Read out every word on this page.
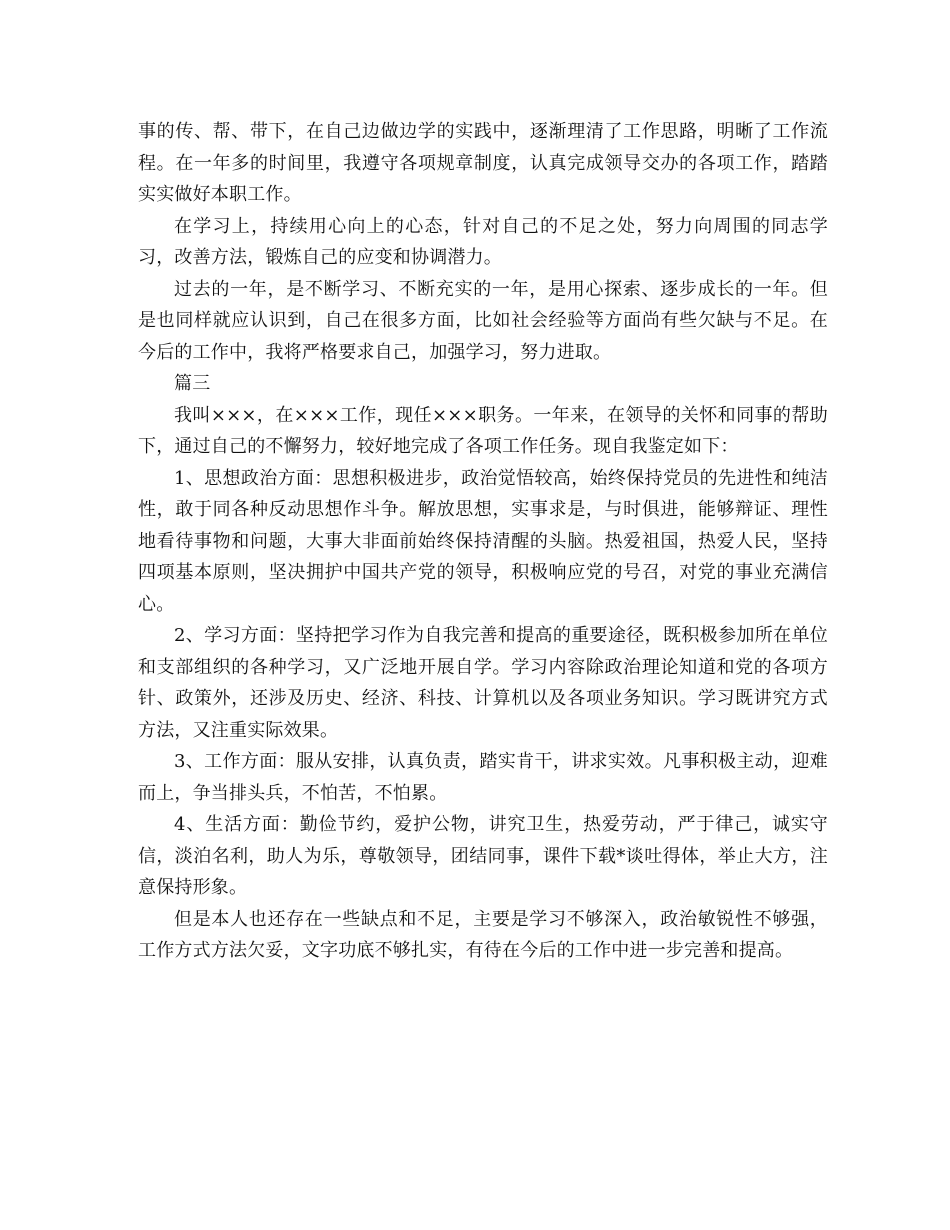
事的传、帮、带下，在自己边做边学的实践中，逐渐理清了工作思路，明晰了工作流程。在一年多的时间里，我遵守各项规章制度，认真完成领导交办的各项工作，踏踏实实做好本职工作。

在学习上，持续用心向上的心态，针对自己的不足之处，努力向周围的同志学习，改善方法，锻炼自己的应变和协调潜力。

过去的一年，是不断学习、不断充实的一年，是用心探索、逐步成长的一年。但是也同样就应认识到，自己在很多方面，比如社会经验等方面尚有些欠缺与不足。在今后的工作中，我将严格要求自己，加强学习，努力进取。

篇三

我叫×××，在×××工作，现任×××职务。一年来，在领导的关怀和同事的帮助下，通过自己的不懈努力，较好地完成了各项工作任务。现自我鉴定如下：

1、思想政治方面：思想积极进步，政治觉悟较高，始终保持党员的先进性和纯洁性，敢于同各种反动思想作斗争。解放思想，实事求是，与时俱进，能够辩证、理性地看待事物和问题，大事大非面前始终保持清醒的头脑。热爱祖国，热爱人民，坚持四项基本原则，坚决拥护中国共产党的领导，积极响应党的号召，对党的事业充满信心。

2、学习方面：坚持把学习作为自我完善和提高的重要途径，既积极参加所在单位和支部组织的各种学习，又广泛地开展自学。学习内容除政治理论知道和党的各项方针、政策外，还涉及历史、经济、科技、计算机以及各项业务知识。学习既讲究方式方法，又注重实际效果。

3、工作方面：服从安排，认真负责，踏实肯干，讲求实效。凡事积极主动，迎难而上，争当排头兵，不怕苦，不怕累。

4、生活方面：勤俭节约，爱护公物，讲究卫生，热爱劳动，严于律己，诚实守信，淡泊名利，助人为乐，尊敬领导，团结同事，课件下载*谈吐得体，举止大方，注意保持形象。

但是本人也还存在一些缺点和不足，主要是学习不够深入，政治敏锐性不够强，工作方式方法欠妥，文字功底不够扎实，有待在今后的工作中进一步完善和提高。
